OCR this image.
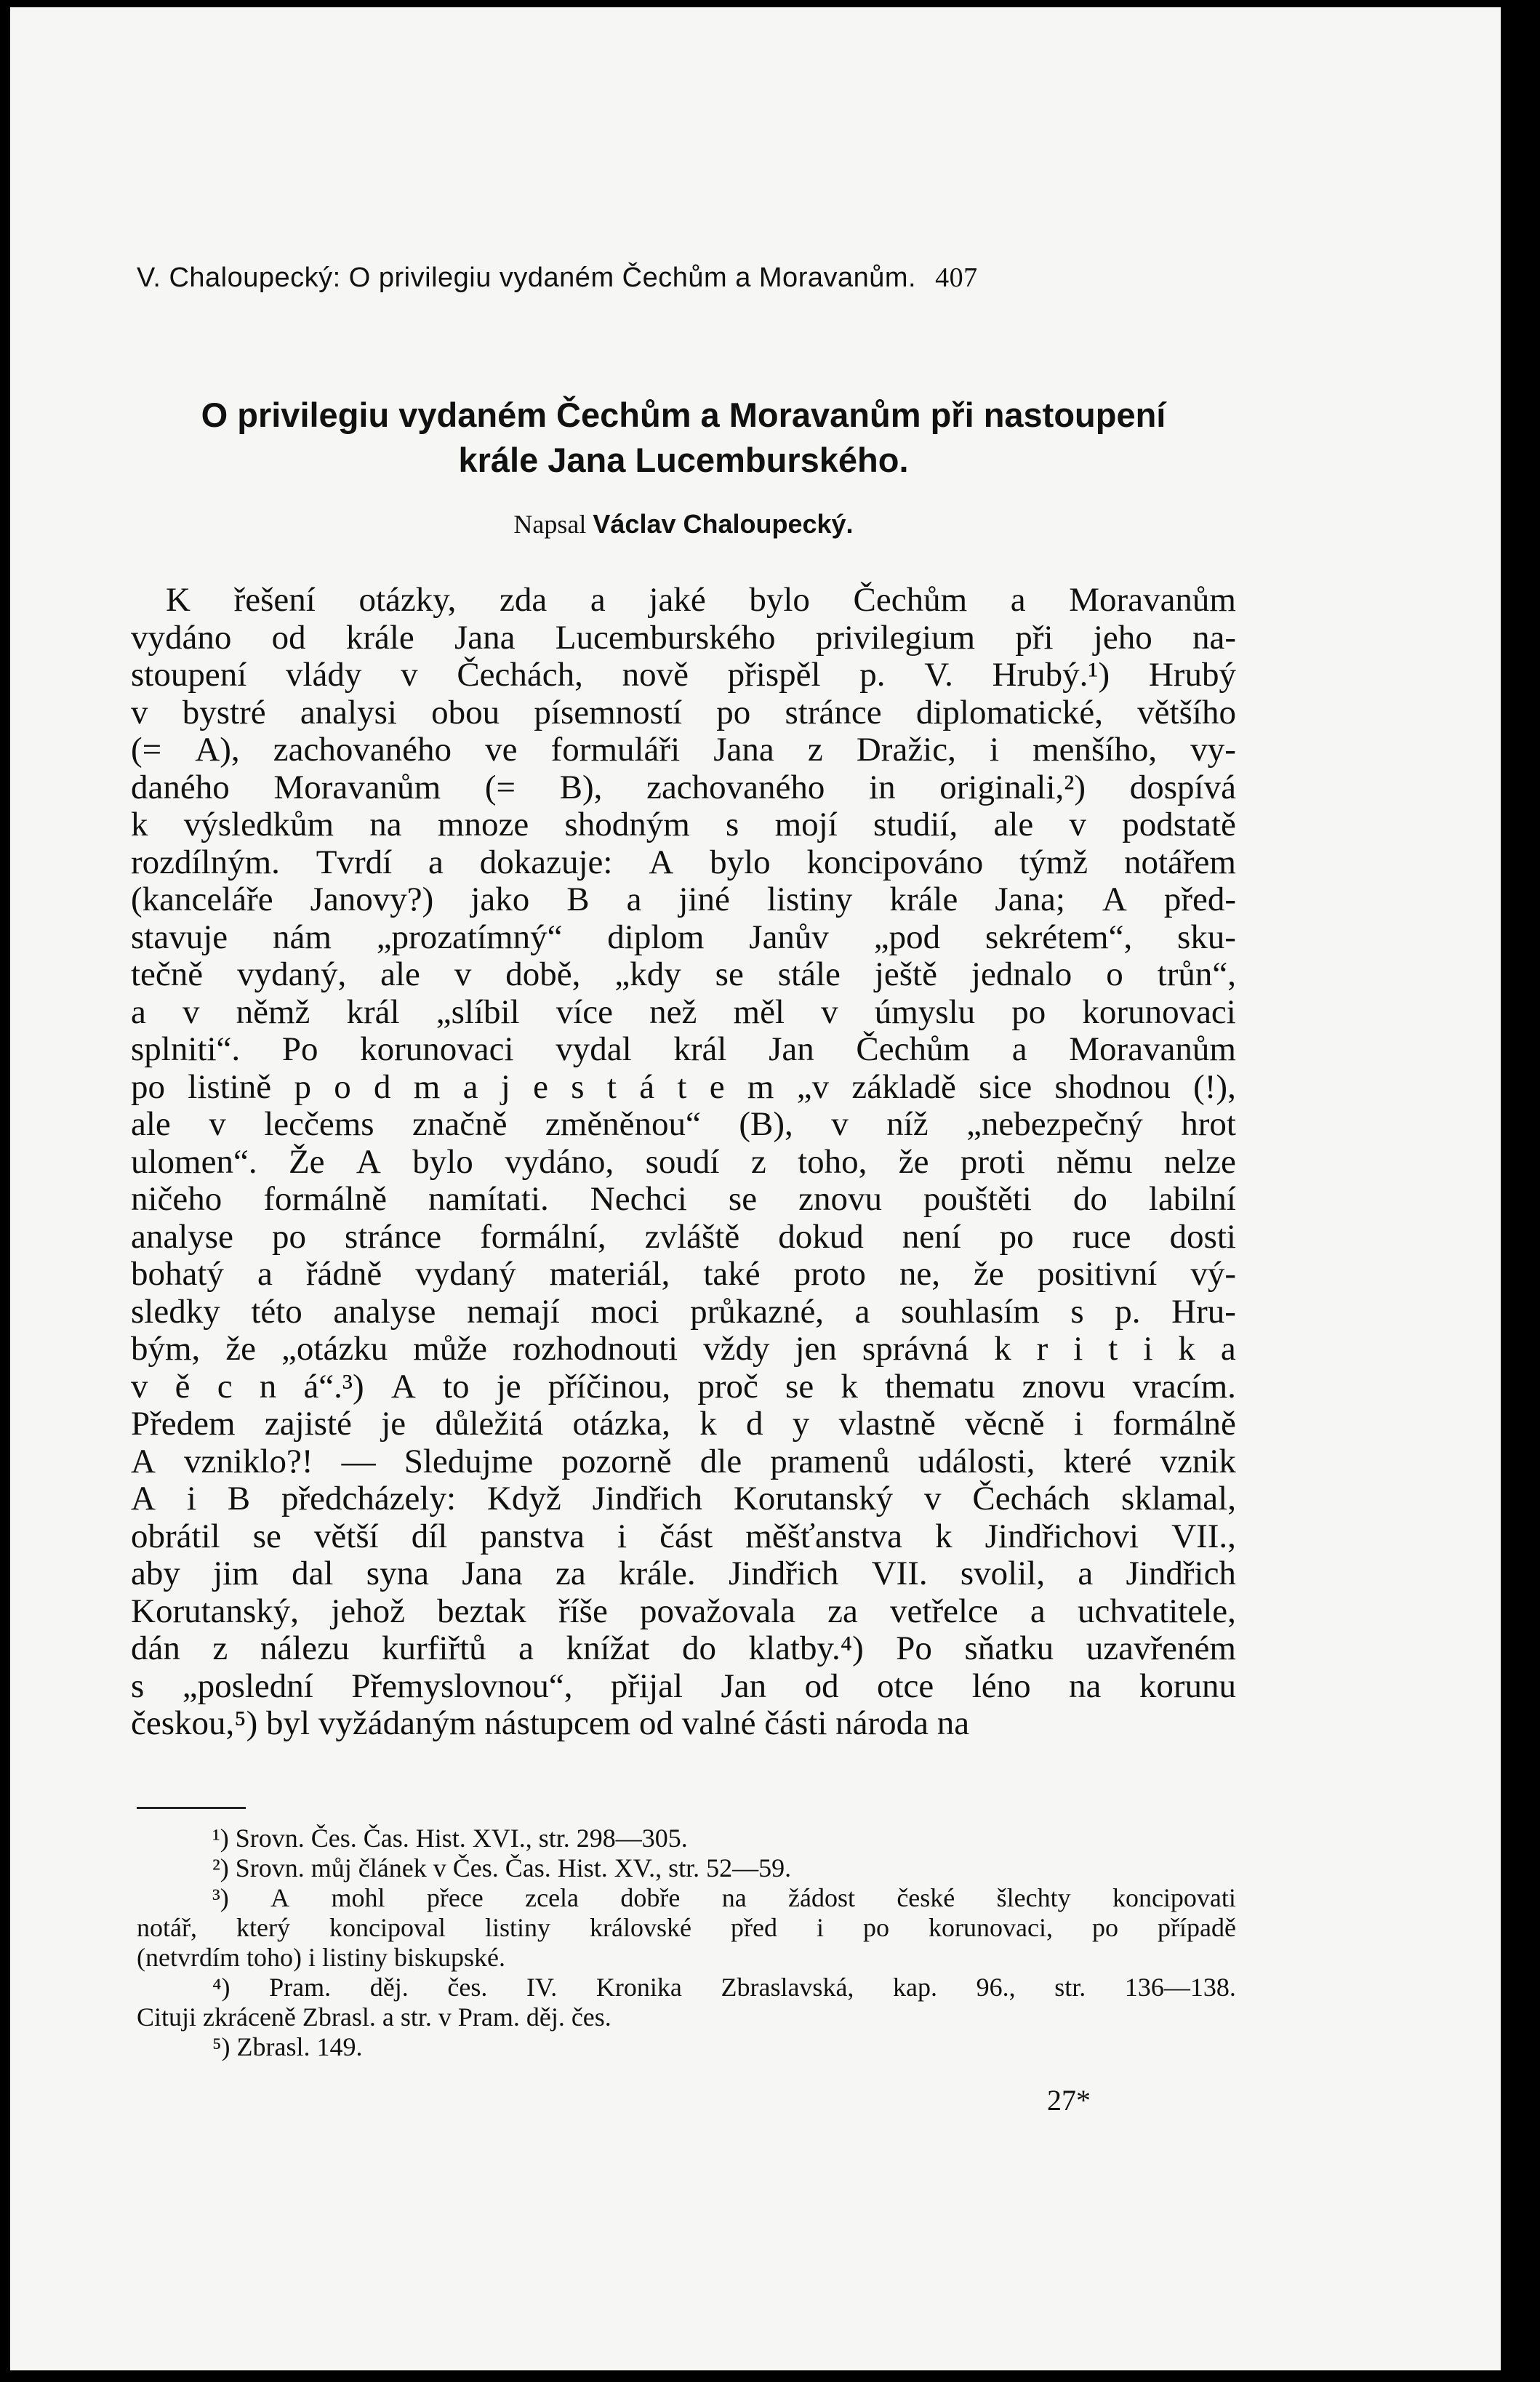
V. Chaloupecký: O privilegiu vydaném Čechům a Moravanům. 407
O privilegiu vydaném Čechům a Moravanům při nastoupení
krále Jana Lucemburského.
Napsal Václav Chaloupecký.
K řešení otázky, zda a jaké bylo Čechům a Moravanům
vydáno od krále Jana Lucemburského privilegium při jeho na-
stoupení vlády v Čechách, nově přispěl p. V. Hrubý.¹) Hrubý
v bystré analysi obou písemností po stránce diplomatické, většího
(= A), zachovaného ve formuláři Jana z Dražic, i menšího, vy-
daného Moravanům (= B), zachovaného in originali,²) dospívá
k výsledkům na mnoze shodným s mojí studií, ale v podstatě
rozdílným. Tvrdí a dokazuje: A bylo koncipováno týmž notářem
(kanceláře Janovy?) jako B a jiné listiny krále Jana; A před-
stavuje nám „prozatímný“ diplom Janův „pod sekrétem“, sku-
tečně vydaný, ale v době, „kdy se stále ještě jednalo o trůn“,
a v němž král „slíbil více než měl v úmyslu po korunovaci
splniti“. Po korunovaci vydal král Jan Čechům a Moravanům
po listině p o d m a j e s t á t e m „v základě sice shodnou (!),
ale v lecčems značně změněnou“ (B), v níž „nebezpečný hrot
ulomen“. Že A bylo vydáno, soudí z toho, že proti němu nelze
ničeho formálně namítati. Nechci se znovu pouštěti do labilní
analyse po stránce formální, zvláště dokud není po ruce dosti
bohatý a řádně vydaný materiál, také proto ne, že positivní vý-
sledky této analyse nemají moci průkazné, a souhlasím s p. Hru-
bým, že „otázku může rozhodnouti vždy jen správná k r i t i k a
v ě c n á“.³) A to je příčinou, proč se k thematu znovu vracím.
Předem zajisté je důležitá otázka, k d y vlastně věcně i formálně
A vzniklo?! — Sledujme pozorně dle pramenů události, které vznik
A i B předcházely: Když Jindřich Korutanský v Čechách sklamal,
obrátil se větší díl panstva i část měšťanstva k Jindřichovi VII.,
aby jim dal syna Jana za krále. Jindřich VII. svolil, a Jindřich
Korutanský, jehož beztak říše považovala za vetřelce a uchvatitele,
dán z nálezu kurfiřtů a knížat do klatby.⁴) Po sňatku uzavřeném
s „poslední Přemyslovnou“, přijal Jan od otce léno na korunu
českou,⁵) byl vyžádaným nástupcem od valné části národa na
¹) Srovn. Čes. Čas. Hist. XVI., str. 298—305.
²) Srovn. můj článek v Čes. Čas. Hist. XV., str. 52—59.
³) A mohl přece zcela dobře na žádost české šlechty koncipovati
notář, který koncipoval listiny královské před i po korunovaci, po případě
(netvrdím toho) i listiny biskupské.
⁴) Pram. děj. čes. IV. Kronika Zbraslavská, kap. 96., str. 136—138.
Cituji zkráceně Zbrasl. a str. v Pram. děj. čes.
⁵) Zbrasl. 149.
27*
